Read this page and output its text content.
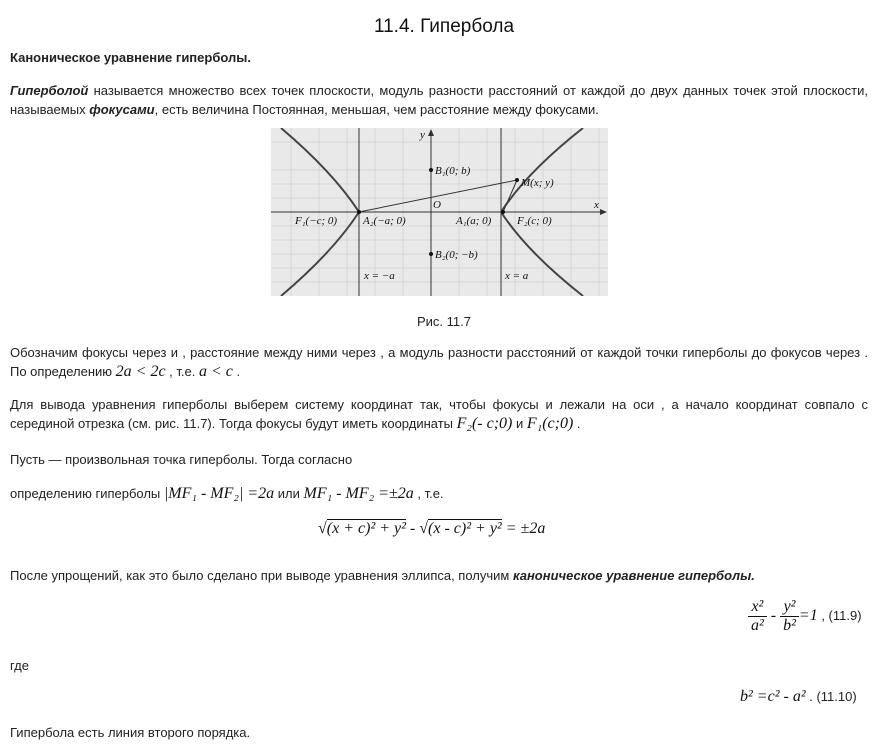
11.4. Гипербола
Каноническое уравнение гиперболы.
Гиперболой называется множество всех точек плоскости, модуль разности расстояний от каждой до двух данных точек этой плоскости, называемых фокусами, есть величина Постоянная, меньшая, чем расстояние между фокусами.
y
x
O
B₁(0; b)
B₂(0; −b)
M(x; y)
F₁(−c; 0) A₂(−a; 0)	A₁(a; 0) F₂(c; 0)
x = −a	x = a
Рис. 11.7
Обозначим фокусы через и , расстояние между ними через , а модуль разности расстояний от каждой точки гиперболы до фокусов через . По определению 2a < 2c , т.е. a < c .
Для вывода уравнения гиперболы выберем систему координат так, чтобы фокусы и лежали на оси , а начало координат совпало с серединой отрезка (см. рис. 11.7). Тогда фокусы будут иметь координаты F₂(- c;0) и F₁(c;0) .
Пусть — произвольная точка гиперболы. Тогда согласно
определению гиперболы |MF₁ - MF₂| =2a или MF₁ - MF₂ =±2a , т.е.
√(x + c)² + y² - √(x - c)² + y² = ±2a
После упрощений, как это было сделано при выводе уравнения эллипса, получим каноническое уравнение гиперболы.
$\frac{\text{x²}}{\text{a²}} - \frac{\text{y²}}{\text{b²}} =1$ , (11.9)
где
b² =c² - a² . (11.10)
Гипербола есть линия второго порядка.
